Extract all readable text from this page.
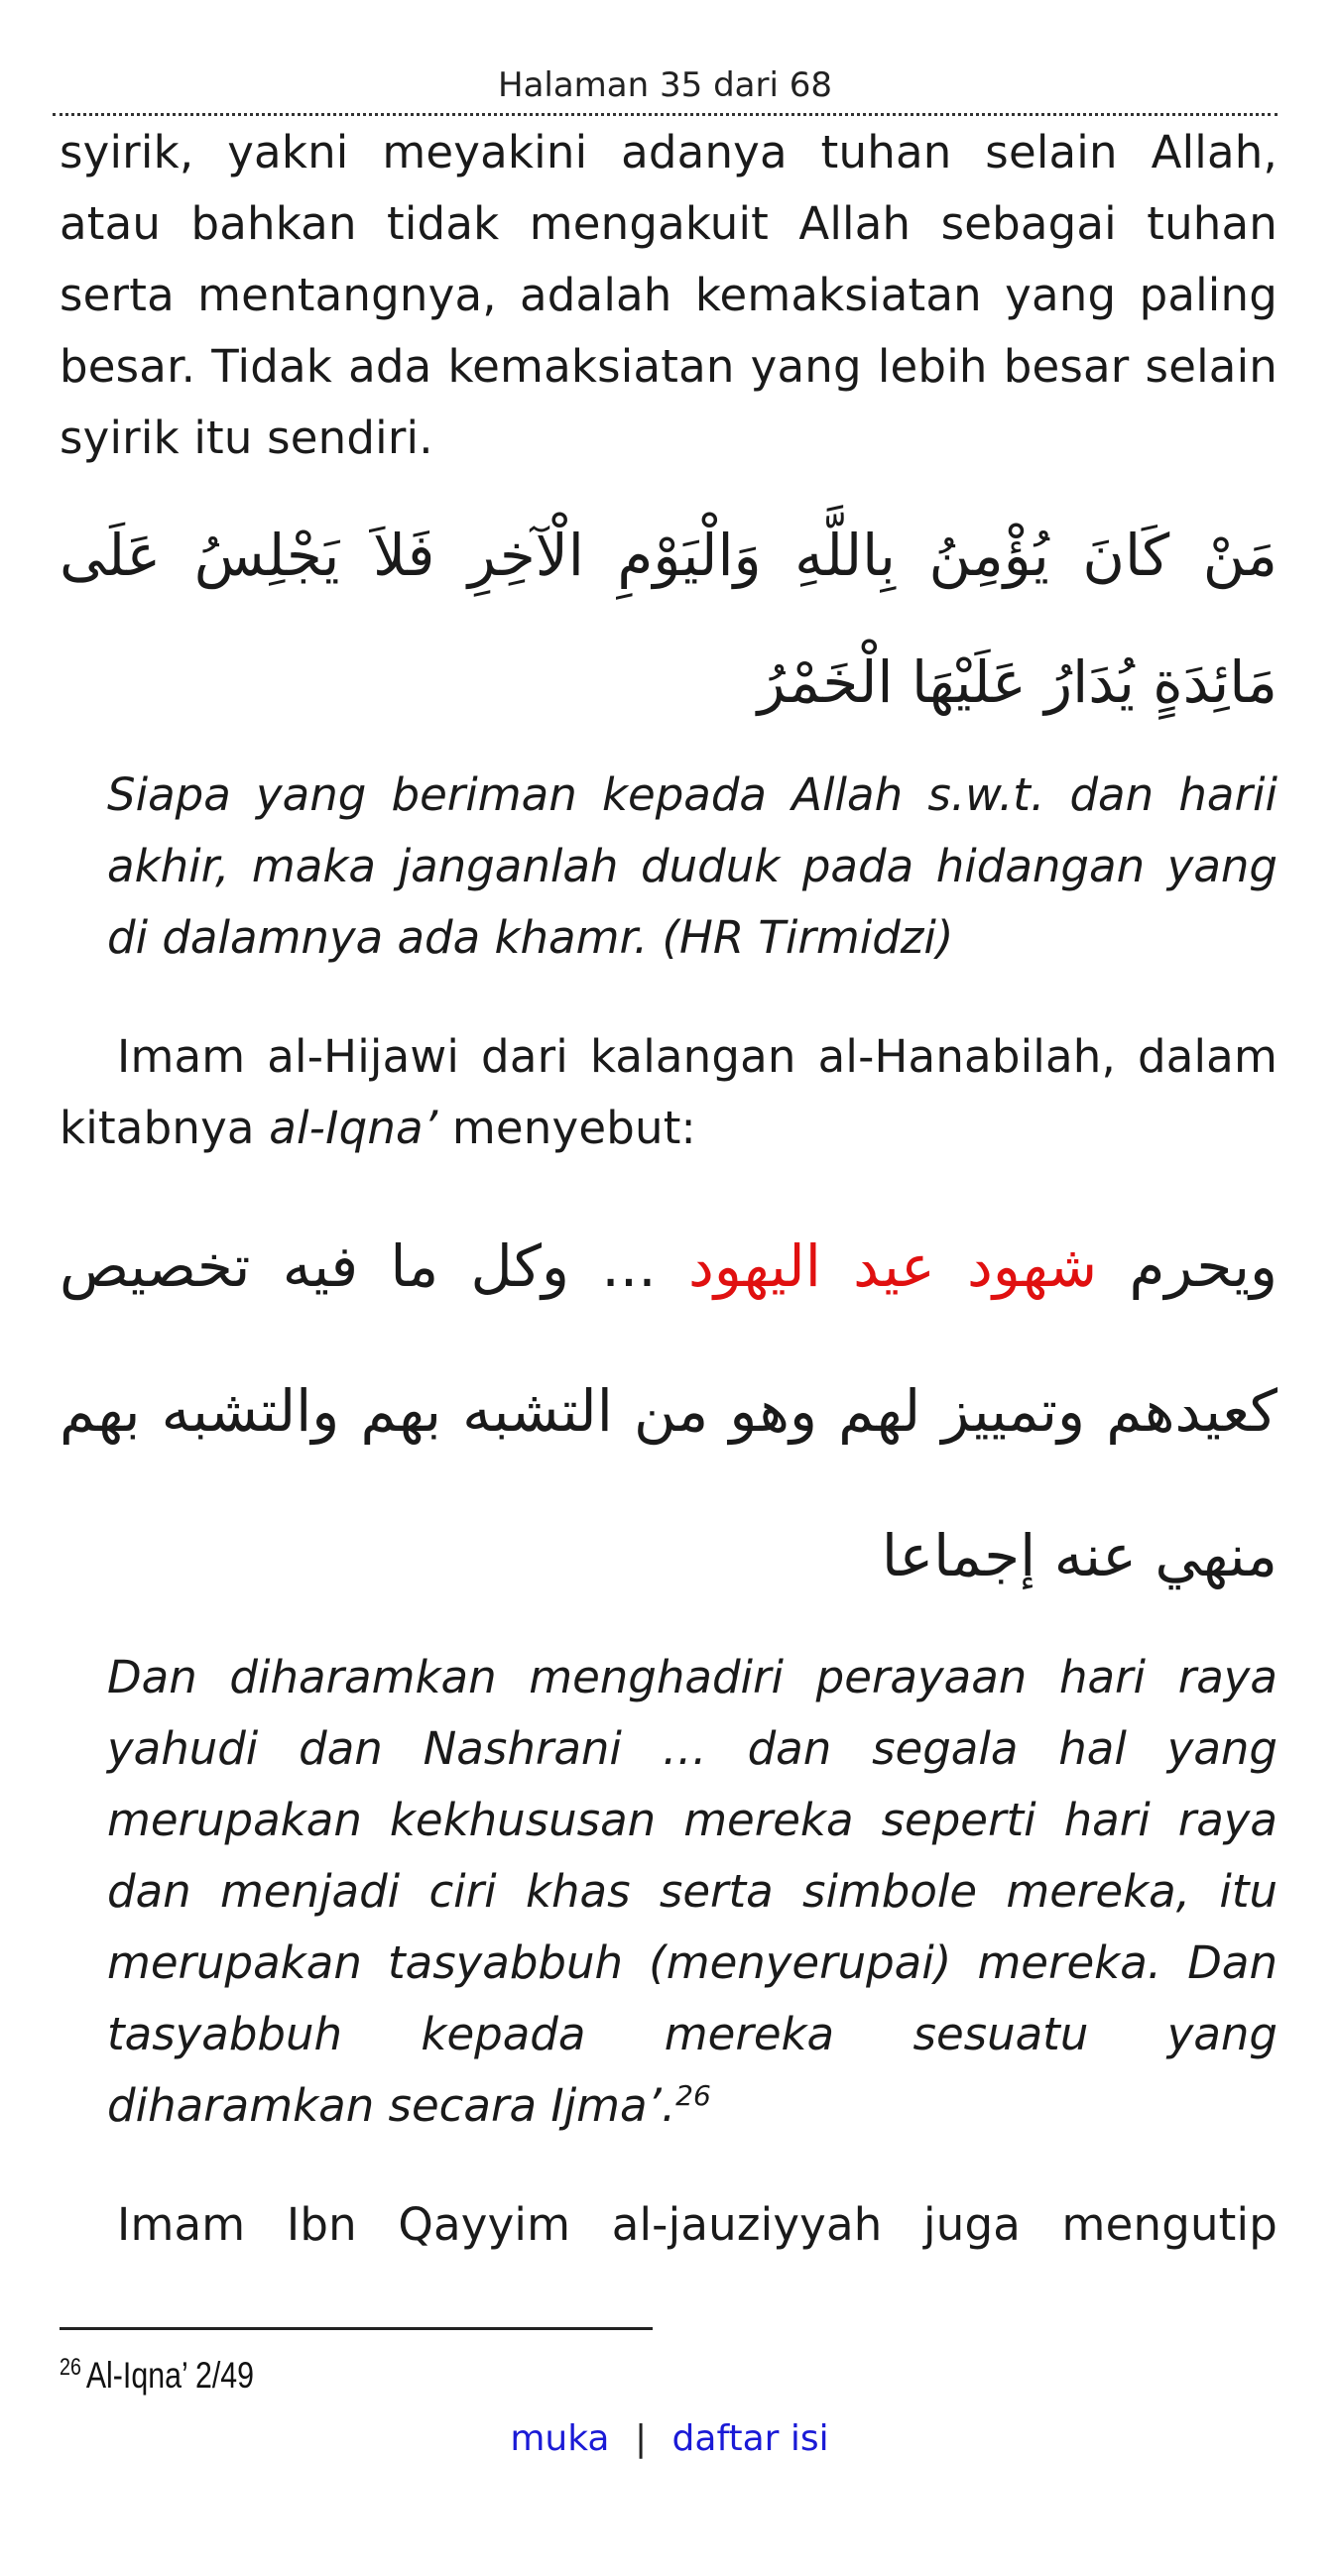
Halaman 35 dari 68

syirik, yakni meyakini adanya tuhan selain Allah, atau bahkan tidak mengakuit Allah sebagai tuhan serta mentangnya, adalah kemaksiatan yang paling besar. Tidak ada kemaksiatan yang lebih besar selain syirik itu sendiri.

مَنْ كَانَ يُؤْمِنُ بِاللَّهِ وَالْيَوْمِ الْآخِرِ فَلاَ يَجْلِسُ عَلَى مَائِدَةٍ يُدَارُ عَلَيْهَا الْخَمْرُ

Siapa yang beriman kepada Allah s.w.t. dan harii akhir, maka janganlah duduk pada hidangan yang di dalamnya ada khamr. (HR Tirmidzi)

Imam al-Hijawi dari kalangan al-Hanabilah, dalam kitabnya al-Iqna’ menyebut:

ويحرم شهود عيد اليهود ... وكل ما فيه تخصيص كعيدهم وتمييز لهم وهو من التشبه بهم والتشبه بهم منهي عنه إجماعا

Dan diharamkan menghadiri perayaan hari raya yahudi dan Nashrani … dan segala hal yang merupakan kekhususan mereka seperti hari raya dan menjadi ciri khas serta simbole mereka, itu merupakan tasyabbuh (menyerupai) mereka. Dan tasyabbuh kepada mereka sesuatu yang diharamkan secara Ijma’.$^{26}$

Imam Ibn Qayyim al-jauziyyah juga mengutip

$^{26}$ Al-Iqna’ 2/49
muka | daftar isi
